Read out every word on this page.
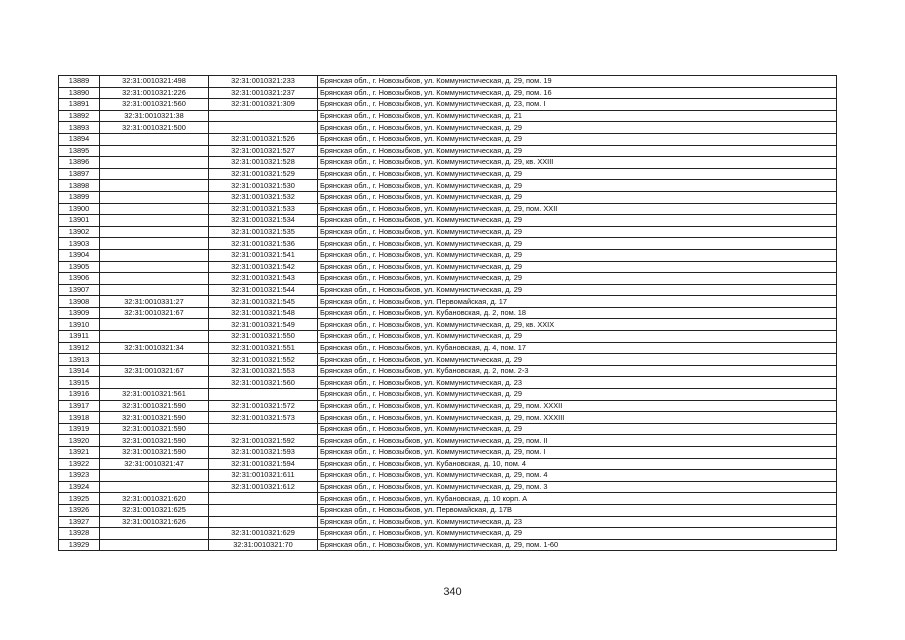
13889	32:31:0010321:498	32:31:0010321:233	Брянская обл., г. Новозыбков, ул. Коммунистическая, д. 29, пом. 19
13890	32:31:0010321:226	32:31:0010321:237	Брянская обл., г. Новозыбков, ул. Коммунистическая, д. 29, пом. 16
13891	32:31:0010321:560	32:31:0010321:309	Брянская обл., г. Новозыбков, ул. Коммунистическая, д. 23, пом. I
13892	32:31:0010321:38		Брянская обл., г. Новозыбков, ул. Коммунистическая, д. 21
13893	32:31:0010321:500		Брянская обл., г. Новозыбков, ул. Коммунистическая, д. 29
13894		32:31:0010321:526	Брянская обл., г. Новозыбков, ул. Коммунистическая, д. 29
13895		32:31:0010321:527	Брянская обл., г. Новозыбков, ул. Коммунистическая, д. 29
13896		32:31:0010321:528	Брянская обл., г. Новозыбков, ул. Коммунистическая, д. 29, кв. XXIII
13897		32:31:0010321:529	Брянская обл., г. Новозыбков, ул. Коммунистическая, д. 29
13898		32:31:0010321:530	Брянская обл., г. Новозыбков, ул. Коммунистическая, д. 29
13899		32:31:0010321:532	Брянская обл., г. Новозыбков, ул. Коммунистическая, д. 29
13900		32:31:0010321:533	Брянская обл., г. Новозыбков, ул. Коммунистическая, д. 29, пом. XXII
13901		32:31:0010321:534	Брянская обл., г. Новозыбков, ул. Коммунистическая, д. 29
13902		32:31:0010321:535	Брянская обл., г. Новозыбков, ул. Коммунистическая, д. 29
13903		32:31:0010321:536	Брянская обл., г. Новозыбков, ул. Коммунистическая, д. 29
13904		32:31:0010321:541	Брянская обл., г. Новозыбков, ул. Коммунистическая, д. 29
13905		32:31:0010321:542	Брянская обл., г. Новозыбков, ул. Коммунистическая, д. 29
13906		32:31:0010321:543	Брянская обл., г. Новозыбков, ул. Коммунистическая, д. 29
13907		32:31:0010321:544	Брянская обл., г. Новозыбков, ул. Коммунистическая, д. 29
13908	32:31:0010331:27	32:31:0010321:545	Брянская обл., г. Новозыбков, ул. Первомайская, д. 17
13909	32:31:0010321:67	32:31:0010321:548	Брянская обл., г. Новозыбков, ул. Кубановская, д. 2, пом. 18
13910		32:31:0010321:549	Брянская обл., г. Новозыбков, ул. Коммунистическая, д. 29, кв. XXIX
13911		32:31:0010321:550	Брянская обл., г. Новозыбков, ул. Коммунистическая, д. 29
13912	32:31:0010321:34	32:31:0010321:551	Брянская обл., г. Новозыбков, ул. Кубановская, д. 4, пом. 17
13913		32:31:0010321:552	Брянская обл., г. Новозыбков, ул. Коммунистическая, д. 29
13914	32:31:0010321:67	32:31:0010321:553	Брянская обл., г. Новозыбков, ул. Кубановская, д. 2, пом. 2-3
13915		32:31:0010321:560	Брянская обл., г. Новозыбков, ул. Коммунистическая, д. 23
13916	32:31:0010321:561		Брянская обл., г. Новозыбков, ул. Коммунистическая, д. 29
13917	32:31:0010321:590	32:31:0010321:572	Брянская обл., г. Новозыбков, ул. Коммунистическая, д. 29, пом. XXXII
13918	32:31:0010321:590	32:31:0010321:573	Брянская обл., г. Новозыбков, ул. Коммунистическая, д. 29, пом. XXXIII
13919	32:31:0010321:590		Брянская обл., г. Новозыбков, ул. Коммунистическая, д. 29
13920	32:31:0010321:590	32:31:0010321:592	Брянская обл., г. Новозыбков, ул. Коммунистическая, д. 29, пом. II
13921	32:31:0010321:590	32:31:0010321:593	Брянская обл., г. Новозыбков, ул. Коммунистическая, д. 29, пом. I
13922	32:31:0010321:47	32:31:0010321:594	Брянская обл., г. Новозыбков, ул. Кубановская, д. 10, пом. 4
13923		32:31:0010321:611	Брянская обл., г. Новозыбков, ул. Коммунистическая, д. 29, пом. 4
13924		32:31:0010321:612	Брянская обл., г. Новозыбков, ул. Коммунистическая, д. 29, пом. 3
13925	32:31:0010321:620		Брянская обл., г. Новозыбков, ул. Кубановская, д. 10 корп. А
13926	32:31:0010321:625		Брянская обл., г. Новозыбков, ул. Первомайская, д. 17В
13927	32:31:0010321:626		Брянская обл., г. Новозыбков, ул. Коммунистическая, д. 23
13928		32:31:0010321:629	Брянская обл., г. Новозыбков, ул. Коммунистическая, д. 29
13929		32:31:0010321:70	Брянская обл., г. Новозыбков, ул. Коммунистическая, д. 29, пом. 1-60
340
